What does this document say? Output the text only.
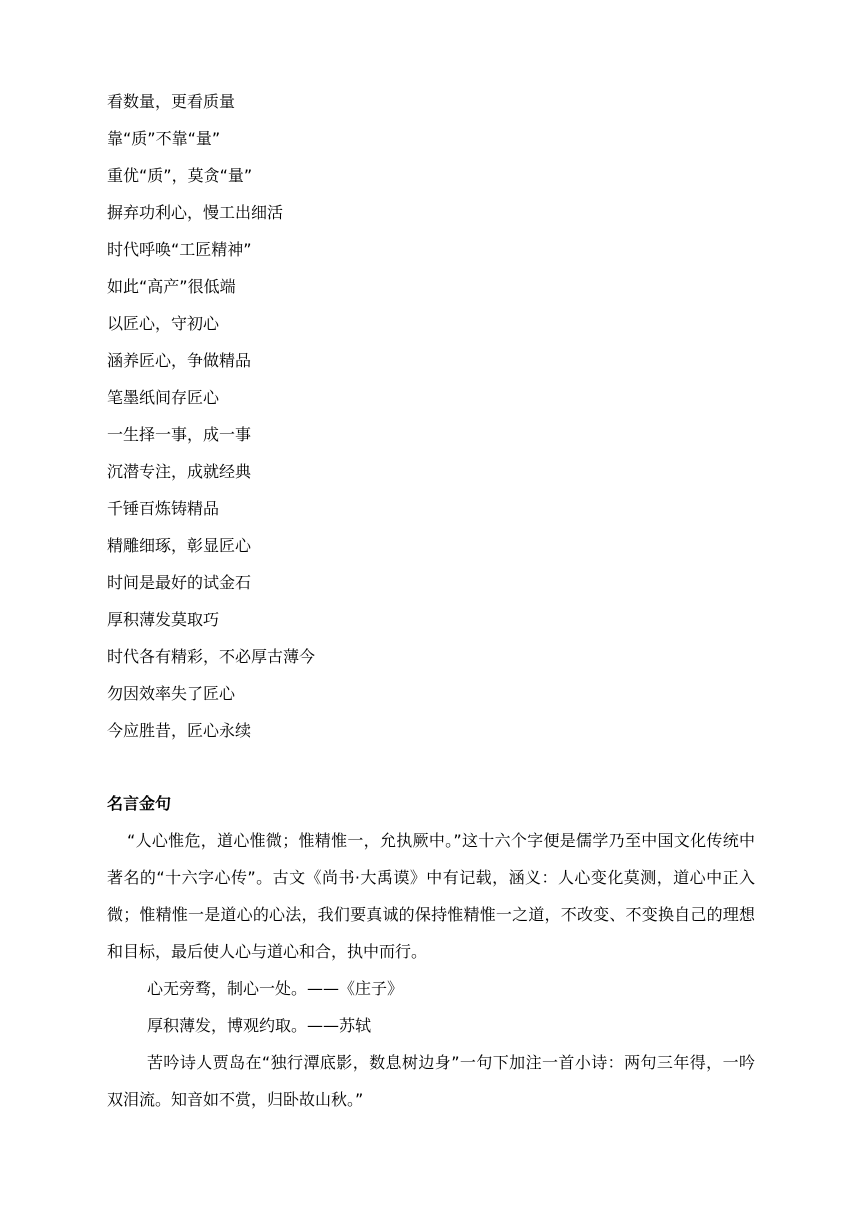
看数量，更看质量
靠“质”不靠“量”
重优“质”，莫贪“量”
摒弃功利心，慢工出细活
时代呼唤“工匠精神”
如此“高产”很低端
以匠心，守初心
涵养匠心，争做精品
笔墨纸间存匠心
一生择一事，成一事
沉潜专注，成就经典
千锤百炼铸精品
精雕细琢，彰显匠心
时间是最好的试金石
厚积薄发莫取巧
时代各有精彩，不必厚古薄今
勿因效率失了匠心
今应胜昔，匠心永续
名言金句

“人心惟危，道心惟微；惟精惟一，允执厥中。”这十六个字便是儒学乃至中国文化传统中著名的“十六字心传”。古文《尚书·大禹谟》中有记载，涵义：人心变化莫测，道心中正入微；惟精惟一是道心的心法，我们要真诚的保持惟精惟一之道，不改变、不变换自己的理想和目标，最后使人心与道心和合，执中而行。

心无旁骛，制心一处。——《庄子》

厚积薄发，博观约取。——苏轼

苦吟诗人贾岛在“独行潭底影，数息树边身”一句下加注一首小诗：两句三年得，一吟双泪流。知音如不赏，归卧故山秋。”
